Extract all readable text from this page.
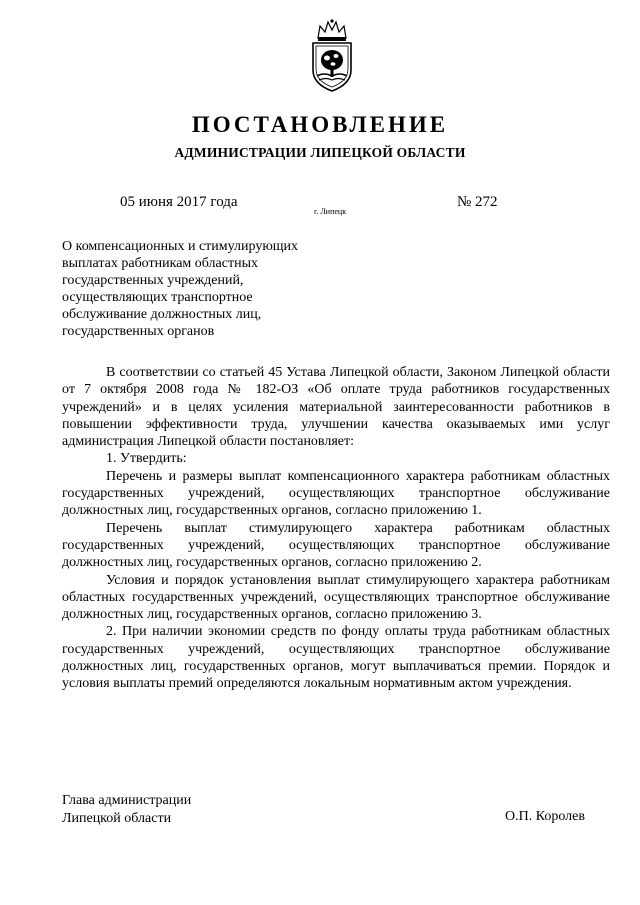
ПОСТАНОВЛЕНИЕ
АДМИНИСТРАЦИИ ЛИПЕЦКОЙ ОБЛАСТИ
05 июня 2017 года
г. Липецк
№ 272
О компенсационных и стимулирующих
выплатах работникам областных
государственных учреждений,
осуществляющих транспортное
обслуживание должностных лиц,
государственных органов

В соответствии со статьей 45 Устава Липецкой области, Законом Липецкой области от 7 октября 2008 года № 182-ОЗ «Об оплате труда работников государственных учреждений» и в целях усиления материальной заинтересованности работников в повышении эффективности труда, улучшении качества оказываемых ими услуг администрация Липецкой области постановляет:

1. Утвердить:

Перечень и размеры выплат компенсационного характера работникам областных государственных учреждений, осуществляющих транспортное обслуживание должностных лиц, государственных органов, согласно приложению 1.

Перечень выплат стимулирующего характера работникам областных государственных учреждений, осуществляющих транспортное обслуживание должностных лиц, государственных органов, согласно приложению 2.

Условия и порядок установления выплат стимулирующего характера работникам областных государственных учреждений, осуществляющих транспортное обслуживание должностных лиц, государственных органов, согласно приложению 3.

2. При наличии экономии средств по фонду оплаты труда работникам областных государственных учреждений, осуществляющих транспортное обслуживание должностных лиц, государственных органов, могут выплачиваться премии. Порядок и условия выплаты премий определяются локальным нормативным актом учреждения.

Глава администрации
Липецкой области	О.П. Королев
